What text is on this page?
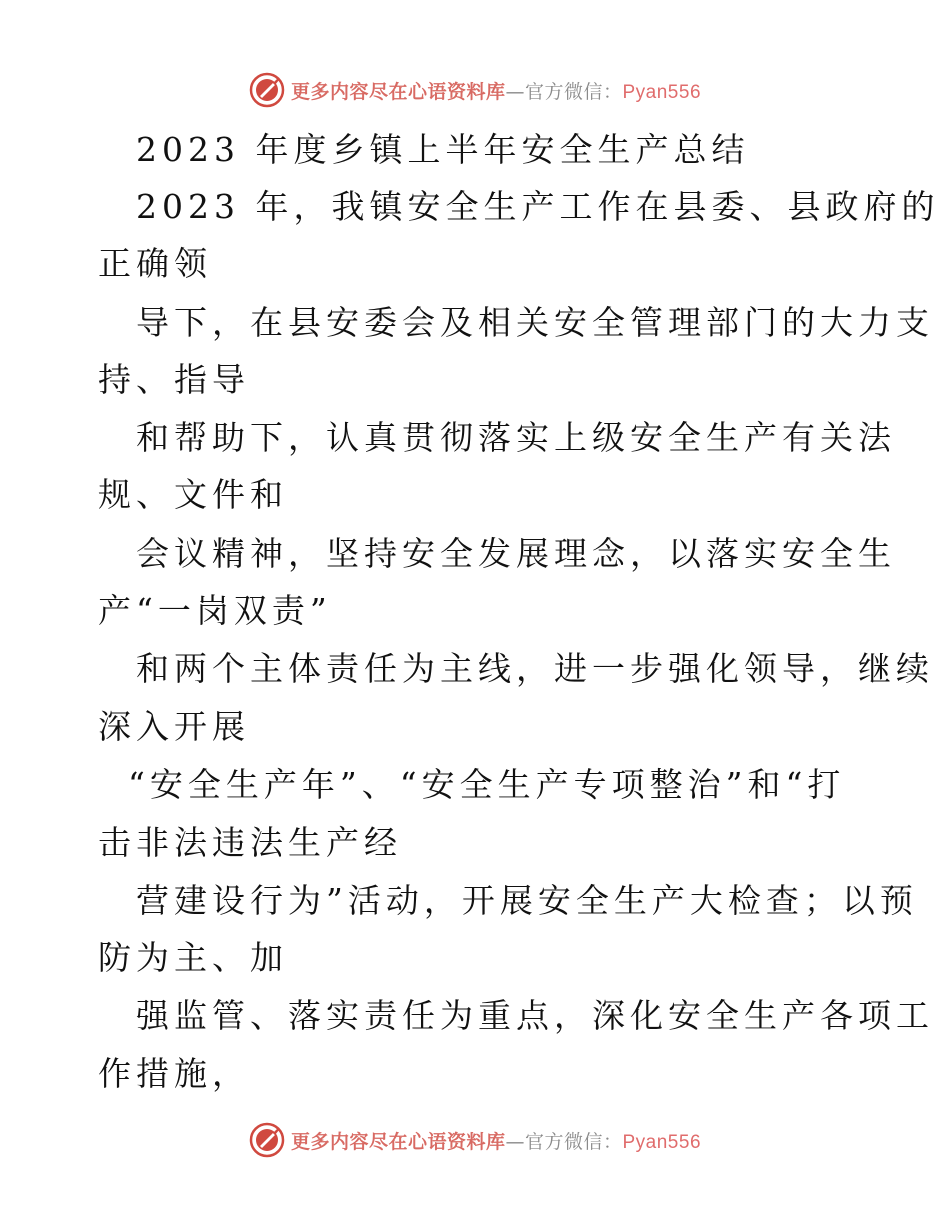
更多内容尽在心语资料库—官方微信：Pyan556
2023 年度乡镇上半年安全生产总结
2023 年，我镇安全生产工作在县委、县政府的
正确领
导下，在县安委会及相关安全管理部门的大力支
持、指导
和帮助下，认真贯彻落实上级安全生产有关法
规、文件和
会议精神，坚持安全发展理念，以落实安全生
产“一岗双责”
和两个主体责任为主线，进一步强化领导，继续
深入开展
“安全生产年”、“安全生产专项整治”和“打
击非法违法生产经
营建设行为”活动，开展安全生产大检查；以预
防为主、加
强监管、落实责任为重点，深化安全生产各项工
作措施，
更多内容尽在心语资料库—官方微信：Pyan556
